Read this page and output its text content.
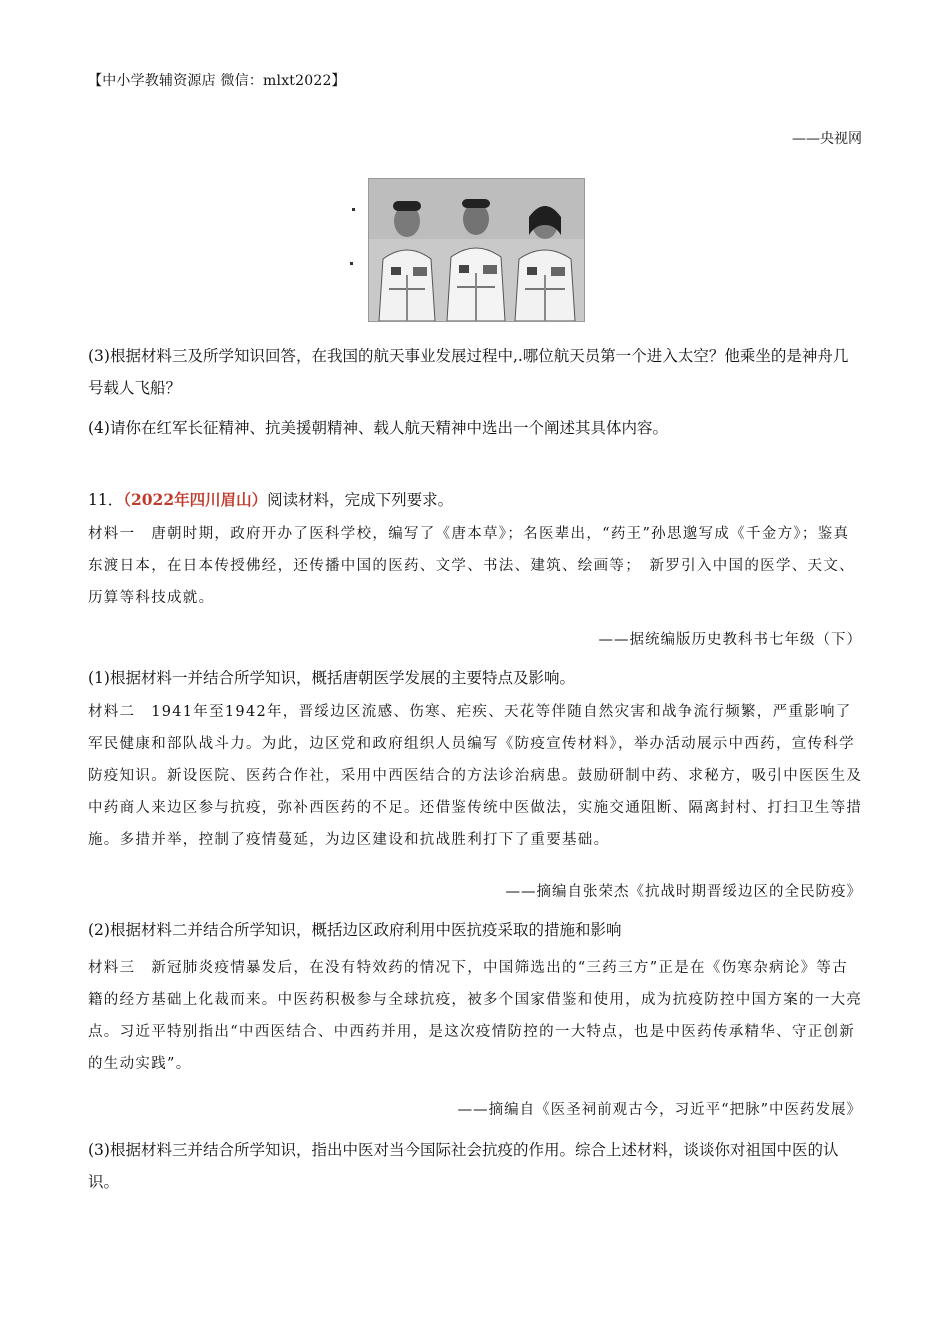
【中小学教辅资源店 微信：mlxt2022】
——央视网
(3)根据材料三及所学知识回答，在我国的航天事业发展过程中,.哪位航天员第一个进入太空？他乘坐的是神舟几号载人飞船？
(4)请你在红军长征精神、抗美援朝精神、载人航天精神中选出一个阐述其具体内容。
11．（2022年四川眉山）阅读材料，完成下列要求。
材料一　唐朝时期，政府开办了医科学校，编写了《唐本草》；名医辈出，“药王”孙思邈写成《千金方》；鉴真东渡日本，在日本传授佛经，还传播中国的医药、文学、书法、建筑、绘画等；　新罗引入中国的医学、天文、历算等科技成就。
——据统编版历史教科书七年级（下）
(1)根据材料一并结合所学知识，概括唐朝医学发展的主要特点及影响。
材料二　1941年至1942年，晋绥边区流感、伤寒、疟疾、天花等伴随自然灾害和战争流行频繁，严重影响了军民健康和部队战斗力。为此，边区党和政府组织人员编写《防疫宣传材料》，举办活动展示中西药，宣传科学防疫知识。新设医院、医药合作社，采用中西医结合的方法诊治病患。鼓励研制中药、求秘方，吸引中医医生及中药商人来边区参与抗疫，弥补西医药的不足。还借鉴传统中医做法，实施交通阻断、隔离封村、打扫卫生等措施。多措并举，控制了疫情蔓延，为边区建设和抗战胜利打下了重要基础。
——摘编自张荣杰《抗战时期晋绥边区的全民防疫》
(2)根据材料二并结合所学知识，概括边区政府利用中医抗疫采取的措施和影响
材料三　新冠肺炎疫情暴发后，在没有特效药的情况下，中国筛选出的“三药三方”正是在《伤寒杂病论》等古籍的经方基础上化裁而来。中医药积极参与全球抗疫，被多个国家借鉴和使用，成为抗疫防控中国方案的一大亮点。习近平特别指出“中西医结合、中西药并用，是这次疫情防控的一大特点，也是中医药传承精华、守正创新的生动实践”。
——摘编自《医圣祠前观古今，习近平“把脉”中医药发展》
(3)根据材料三并结合所学知识，指出中医对当今国际社会抗疫的作用。综合上述材料，谈谈你对祖国中医的认识。
